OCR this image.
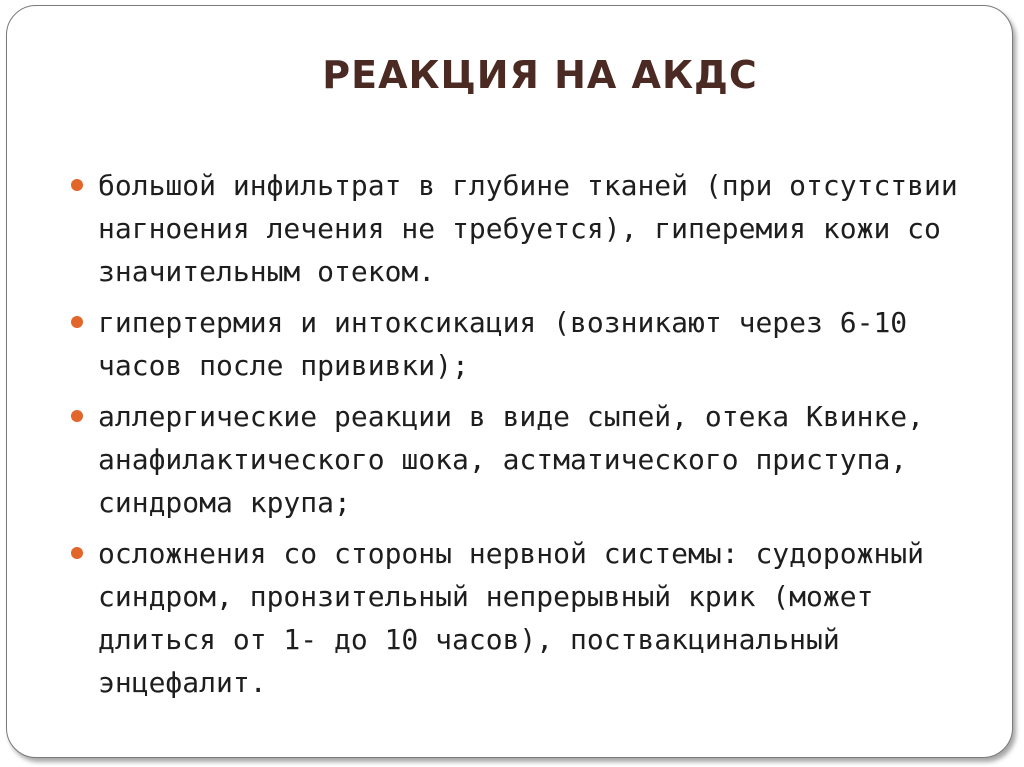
РЕАКЦИЯ НА АКДС
большой инфильтрат в глубине тканей (при отсутствии нагноения лечения не требуется), гиперемия кожи со значительным отеком.
гипертермия и интоксикация (возникают через 6-10 часов после прививки);
аллергические реакции в виде сыпей, отека Квинке, анафилактического шока, астматического приступа, синдрома крупа;
осложнения со стороны нервной системы: судорожный синдром, пронзительный непрерывный крик (может длиться от 1- до 10 часов), поствакцинальный энцефалит.
